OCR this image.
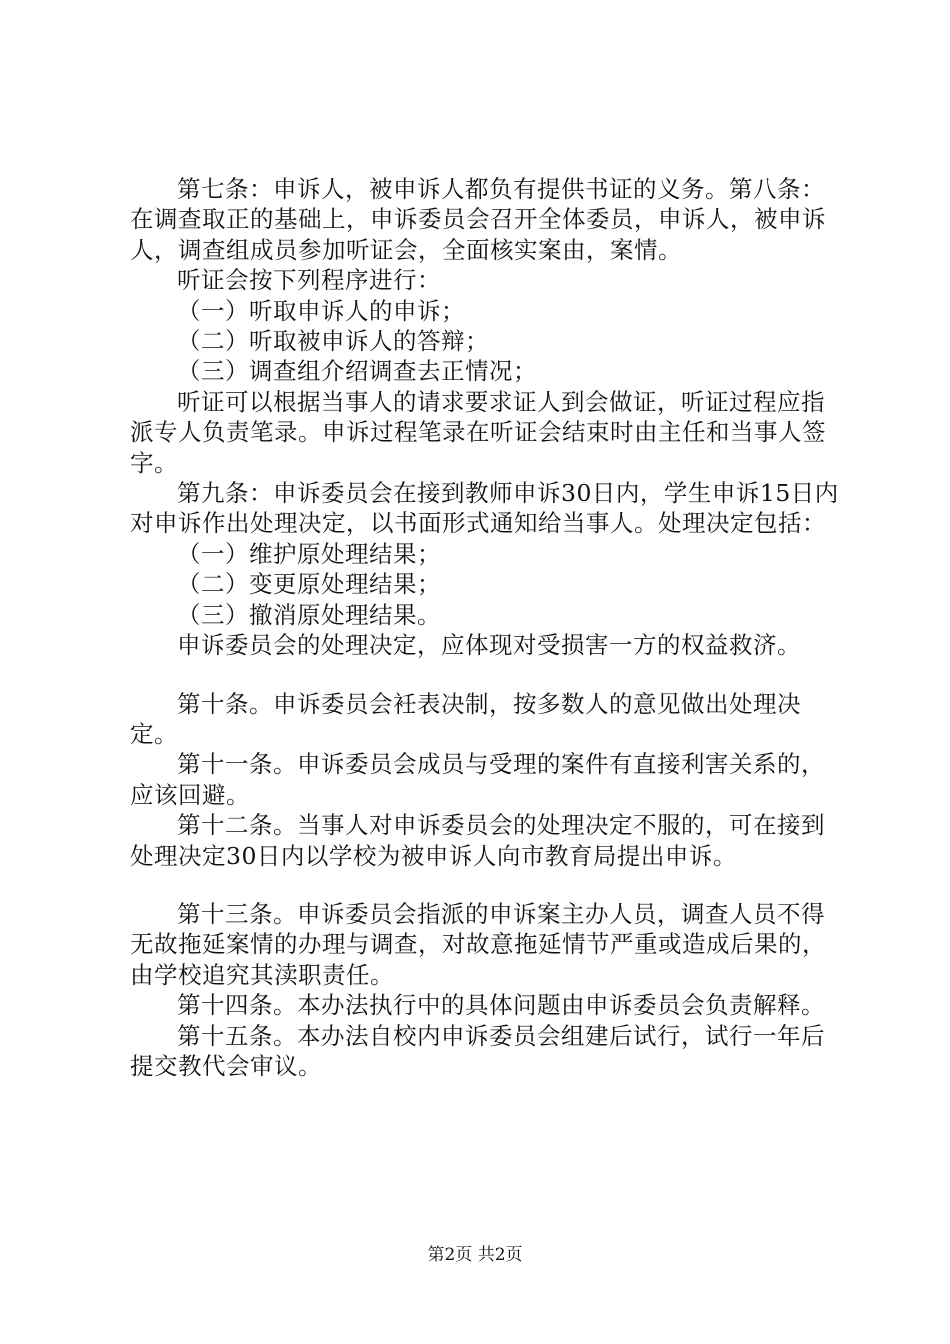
第七条：申诉人，被申诉人都负有提供书证的义务。第八条：在调查取正的基础上，申诉委员会召开全体委员，申诉人，被申诉人，调查组成员参加听证会，全面核实案由，案情。

听证会按下列程序进行：

（一）听取申诉人的申诉；

（二）听取被申诉人的答辩；

（三）调查组介绍调查去正情况；

听证可以根据当事人的请求要求证人到会做证，听证过程应指派专人负责笔录。申诉过程笔录在听证会结束时由主任和当事人签字。

第九条：申诉委员会在接到教师申诉30日内，学生申诉15日内对申诉作出处理决定，以书面形式通知给当事人。处理决定包括：

（一）维护原处理结果；

（二）变更原处理结果；

（三）撤消原处理结果。

申诉委员会的处理决定，应体现对受损害一方的权益救济。

第十条。申诉委员会衽表决制，按多数人的意见做出处理决定。

第十一条。申诉委员会成员与受理的案件有直接利害关系的，应该回避。

第十二条。当事人对申诉委员会的处理决定不服的，可在接到处理决定30日内以学校为被申诉人向市教育局提出申诉。

第十三条。申诉委员会指派的申诉案主办人员，调查人员不得无故拖延案情的办理与调查，对故意拖延情节严重或造成后果的，由学校追究其渎职责任。

第十四条。本办法执行中的具体问题由申诉委员会负责解释。

第十五条。本办法自校内申诉委员会组建后试行，试行一年后提交教代会审议。

第2页 共2页
